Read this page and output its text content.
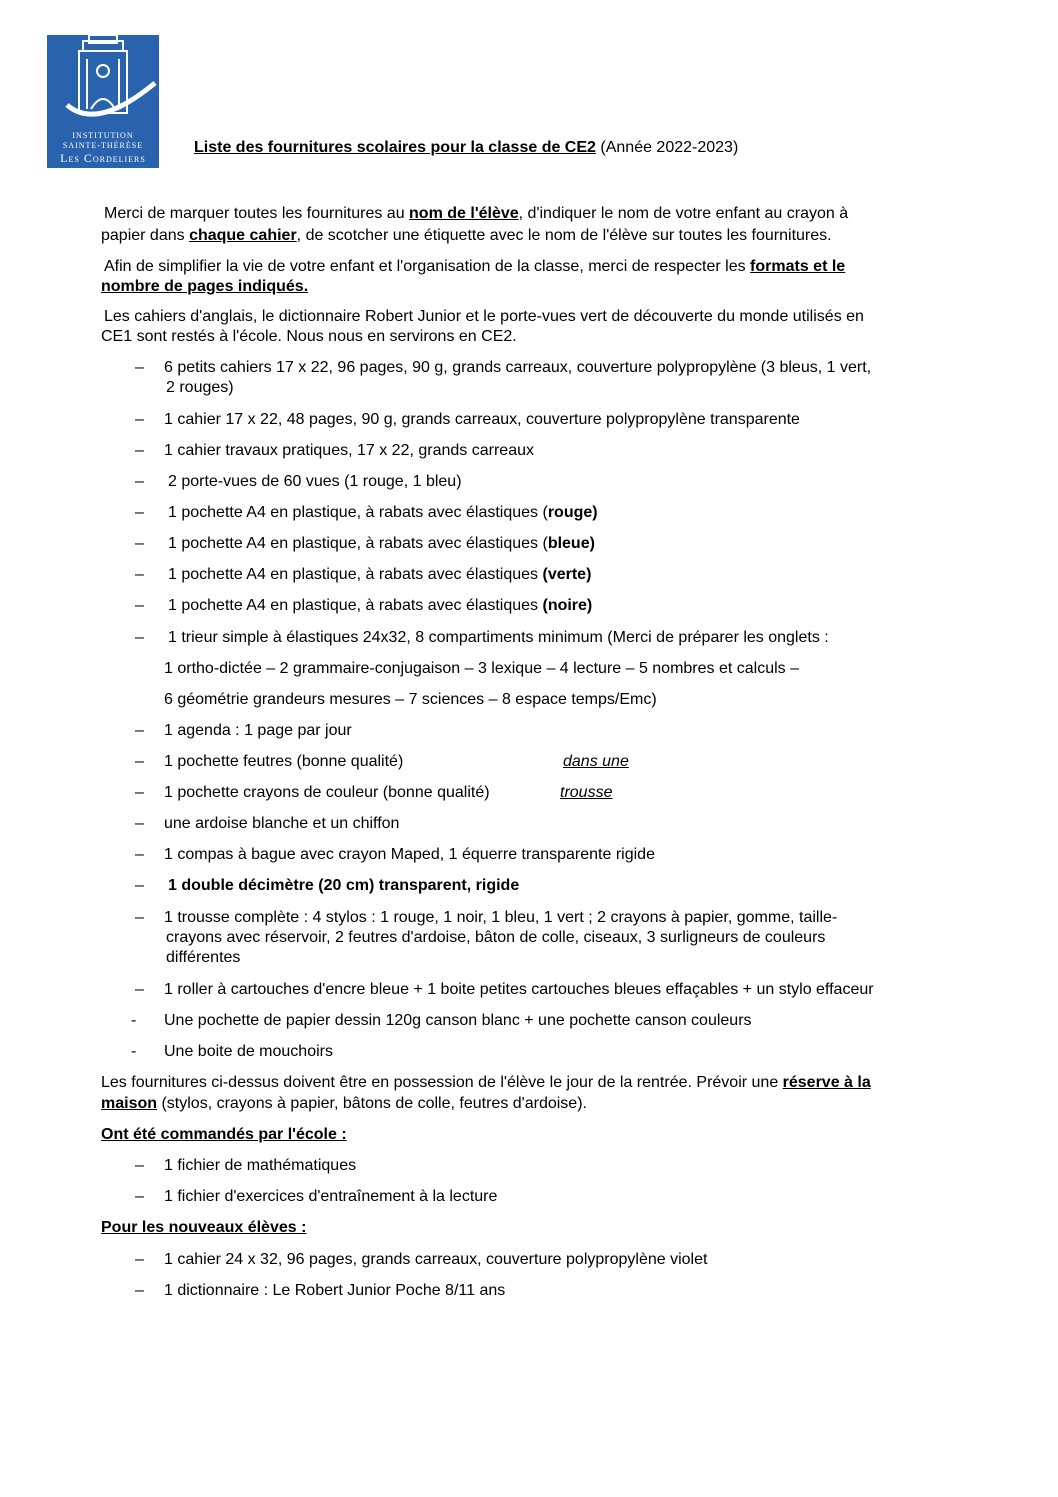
INSTITUTION
SAINTE-THÉRÈSE
Les Cordeliers
Liste des fournitures scolaires pour la classe de CE2 (Année 2022-2023)
Merci de marquer toutes les fournitures au nom de l'élève, d'indiquer le nom de votre enfant au crayon à
papier dans chaque cahier, de scotcher une étiquette avec le nom de l'élève sur toutes les fournitures.
Afin de simplifier la vie de votre enfant et l'organisation de la classe, merci de respecter les formats et le
nombre de pages indiqués.
Les cahiers d'anglais, le dictionnaire Robert Junior et le porte-vues vert de découverte du monde utilisés en
CE1 sont restés à l'école. Nous nous en servirons en CE2.
– 6 petits cahiers 17 x 22, 96 pages, 90 g, grands carreaux, couverture polypropylène (3 bleus, 1 vert,
2 rouges)
– 1 cahier 17 x 22, 48 pages, 90 g, grands carreaux, couverture polypropylène transparente
– 1 cahier travaux pratiques, 17 x 22, grands carreaux
– 2 porte-vues de 60 vues (1 rouge, 1 bleu)
– 1 pochette A4 en plastique, à rabats avec élastiques (rouge)
– 1 pochette A4 en plastique, à rabats avec élastiques (bleue)
– 1 pochette A4 en plastique, à rabats avec élastiques (verte)
– 1 pochette A4 en plastique, à rabats avec élastiques (noire)
– 1 trieur simple à élastiques 24x32, 8 compartiments minimum (Merci de préparer les onglets :
1 ortho-dictée – 2 grammaire-conjugaison – 3 lexique – 4 lecture – 5 nombres et calculs –
6 géométrie grandeurs mesures – 7 sciences – 8 espace temps/Emc)
– 1 agenda : 1 page par jour
– 1 pochette feutres (bonne qualité)	dans une
– 1 pochette crayons de couleur (bonne qualité)	trousse
– une ardoise blanche et un chiffon
– 1 compas à bague avec crayon Maped, 1 équerre transparente rigide
– 1 double décimètre (20 cm) transparent, rigide
– 1 trousse complète : 4 stylos : 1 rouge, 1 noir, 1 bleu, 1 vert ; 2 crayons à papier, gomme, taille-
crayons avec réservoir, 2 feutres d'ardoise, bâton de colle, ciseaux, 3 surligneurs de couleurs
différentes
– 1 roller à cartouches d'encre bleue + 1 boite petites cartouches bleues effaçables + un stylo effaceur
- Une pochette de papier dessin 120g canson blanc + une pochette canson couleurs
- Une boite de mouchoirs
Les fournitures ci-dessus doivent être en possession de l'élève le jour de la rentrée. Prévoir une réserve à la
maison (stylos, crayons à papier, bâtons de colle, feutres d'ardoise).
Ont été commandés par l'école :
– 1 fichier de mathématiques
– 1 fichier d'exercices d'entraînement à la lecture
Pour les nouveaux élèves :
– 1 cahier 24 x 32, 96 pages, grands carreaux, couverture polypropylène violet
– 1 dictionnaire : Le Robert Junior Poche 8/11 ans
